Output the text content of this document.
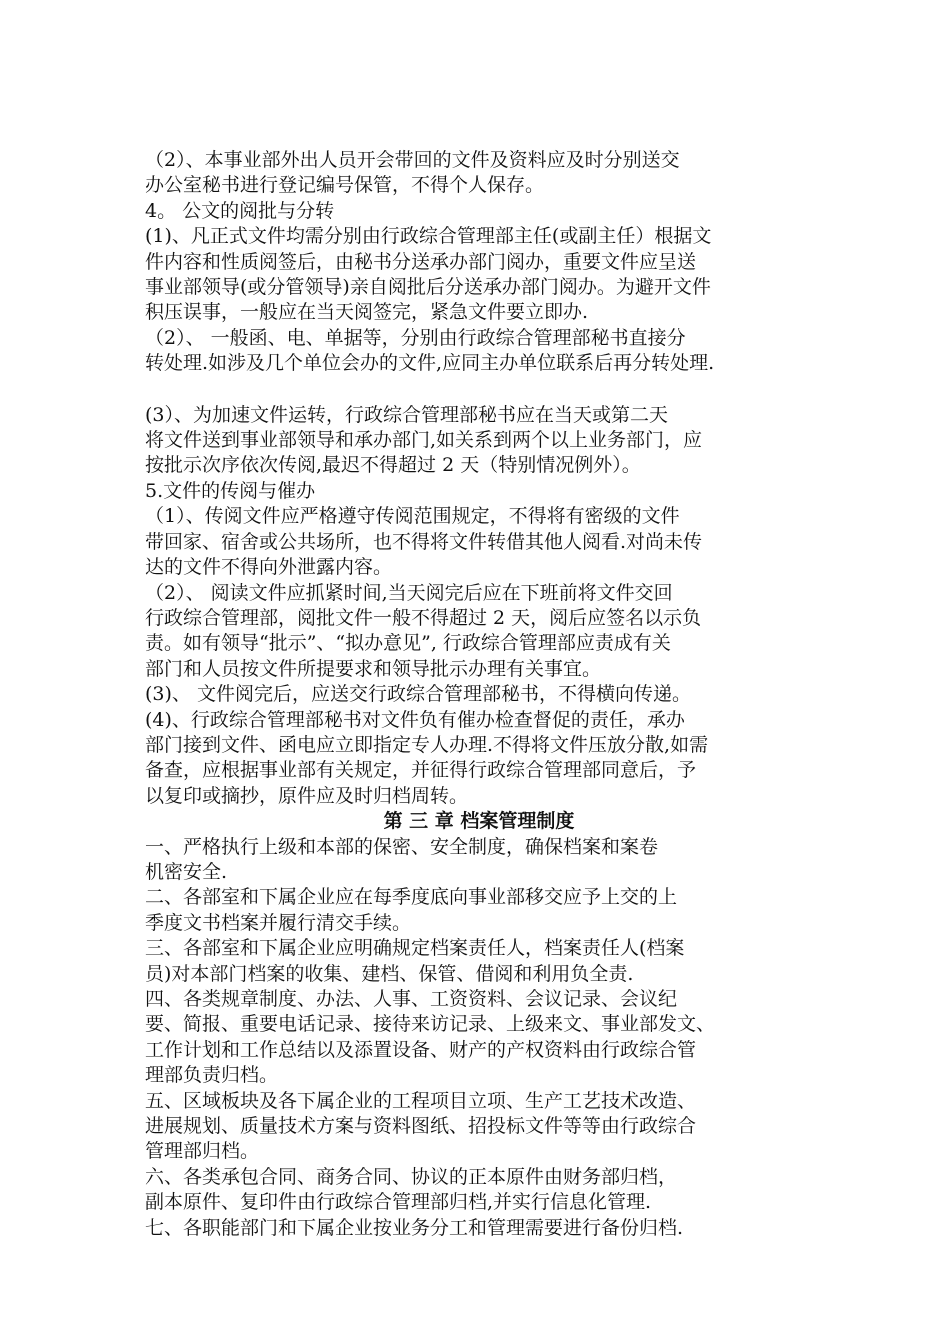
（2）、本事业部外出人员开会带回的文件及资料应及时分别送交
办公室秘书进行登记编号保管，不得个人保存。
4。 公文的阅批与分转
(1)、凡正式文件均需分别由行政综合管理部主任(或副主任）根据文
件内容和性质阅签后，由秘书分送承办部门阅办，重要文件应呈送
事业部领导(或分管领导)亲自阅批后分送承办部门阅办。为避开文件
积压误事，一般应在当天阅签完，紧急文件要立即办.
（2）、 一般函、电、单据等，分别由行政综合管理部秘书直接分
转处理.如涉及几个单位会办的文件,应同主办单位联系后再分转处理.
(3）、为加速文件运转，行政综合管理部秘书应在当天或第二天
将文件送到事业部领导和承办部门,如关系到两个以上业务部门，应
按批示次序依次传阅,最迟不得超过 2 天（特别情况例外）。
5.文件的传阅与催办
（1）、传阅文件应严格遵守传阅范围规定，不得将有密级的文件
带回家、宿舍或公共场所，也不得将文件转借其他人阅看.对尚未传
达的文件不得向外泄露内容。
（2）、 阅读文件应抓紧时间,当天阅完后应在下班前将文件交回
行政综合管理部，阅批文件一般不得超过 2 天，阅后应签名以示负
责。如有领导“批示”、“拟办意见”, 行政综合管理部应责成有关
部门和人员按文件所提要求和领导批示办理有关事宜。
(3)、 文件阅完后，应送交行政综合管理部秘书，不得横向传递。
(4)、行政综合管理部秘书对文件负有催办检查督促的责任，承办
部门接到文件、函电应立即指定专人办理.不得将文件压放分散,如需
备查，应根据事业部有关规定，并征得行政综合管理部同意后，予
以复印或摘抄，原件应及时归档周转。
第 三 章 档案管理制度
一、严格执行上级和本部的保密、安全制度，确保档案和案卷
机密安全.
二、各部室和下属企业应在每季度底向事业部移交应予上交的上
季度文书档案并履行清交手续。
三、各部室和下属企业应明确规定档案责任人，档案责任人(档案
员)对本部门档案的收集、建档、保管、借阅和利用负全责.
四、各类规章制度、办法、人事、工资资料、会议记录、会议纪
要、简报、重要电话记录、接待来访记录、上级来文、事业部发文、
工作计划和工作总结以及添置设备、财产的产权资料由行政综合管
理部负责归档。
五、区域板块及各下属企业的工程项目立项、生产工艺技术改造、
进展规划、质量技术方案与资料图纸、招投标文件等等由行政综合
管理部归档。
六、各类承包合同、商务合同、协议的正本原件由财务部归档，
副本原件、复印件由行政综合管理部归档,并实行信息化管理.
七、各职能部门和下属企业按业务分工和管理需要进行备份归档.
